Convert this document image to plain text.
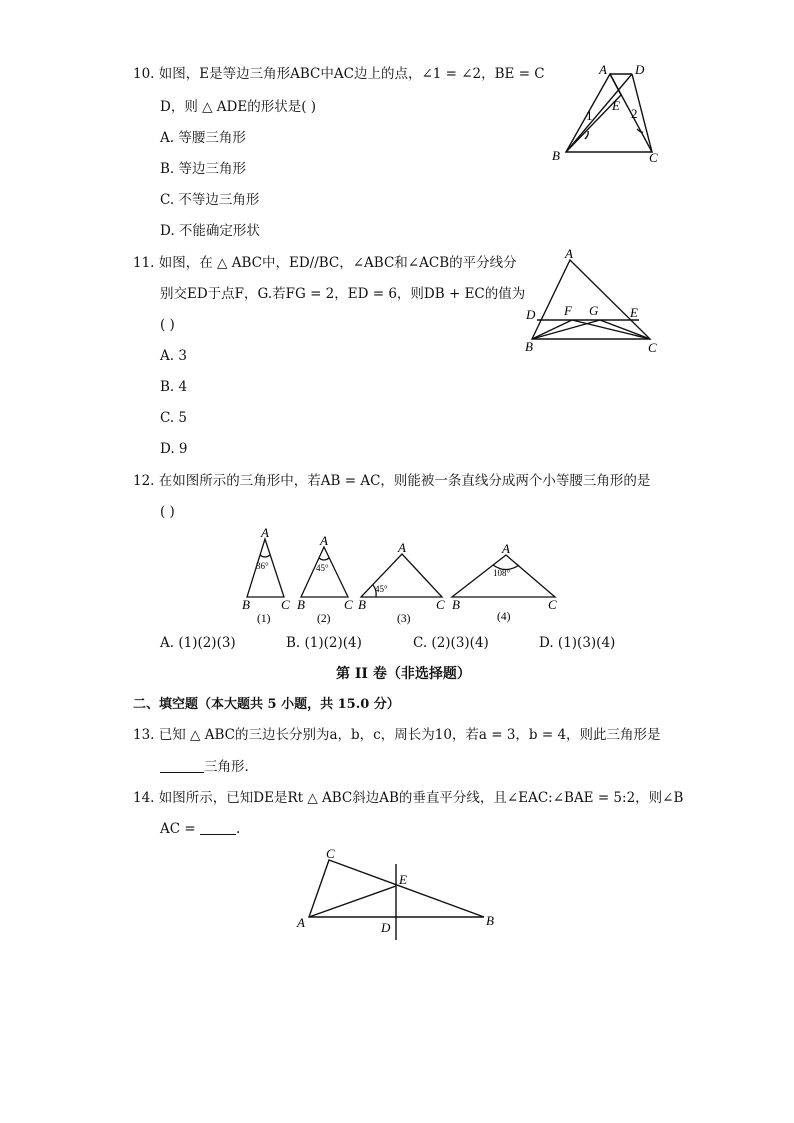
10. 如图，E是等边三角形ABC中AC边上的点，∠1 = ∠2，BE = C
D，则 △ ADE的形状是( )
A. 等腰三角形
B. 等边三角形
C. 不等边三角形
D. 不能确定形状
A D
E
B	C
1	2
11. 如图，在 △ ABC中，ED//BC，∠ABC和∠ACB的平分线分
别交ED于点F，G.若FG = 2，ED = 6，则DB + EC的值为
( )
A. 3
B. 4
C. 5
D. 9
A
D F G E
B	C
12. 在如图所示的三角形中，若AB = AC，则能被一条直线分成两个小等腰三角形的是
( )
A
36°
B C
(1)
A
45°
B	C
(2)
A
45°
B	C
(3)
A
108°
B	C
(4)
A. (1)(2)(3)	B. (1)(2)(4)	C. (2)(3)(4)	D. (1)(3)(4)
第 II 卷（非选择题）
二、填空题（本大题共 5 小题，共 15.0 分）
13. 已知 △ ABC的三边长分别为a，b，c，周长为10，若a = 3，b = 4，则此三角形是
三角形.
14. 如图所示，已知DE是Rt △ ABC斜边AB的垂直平分线，且∠EAC:∠BAE = 5:2，则∠B
AC =	.
C
E
A	D	B
